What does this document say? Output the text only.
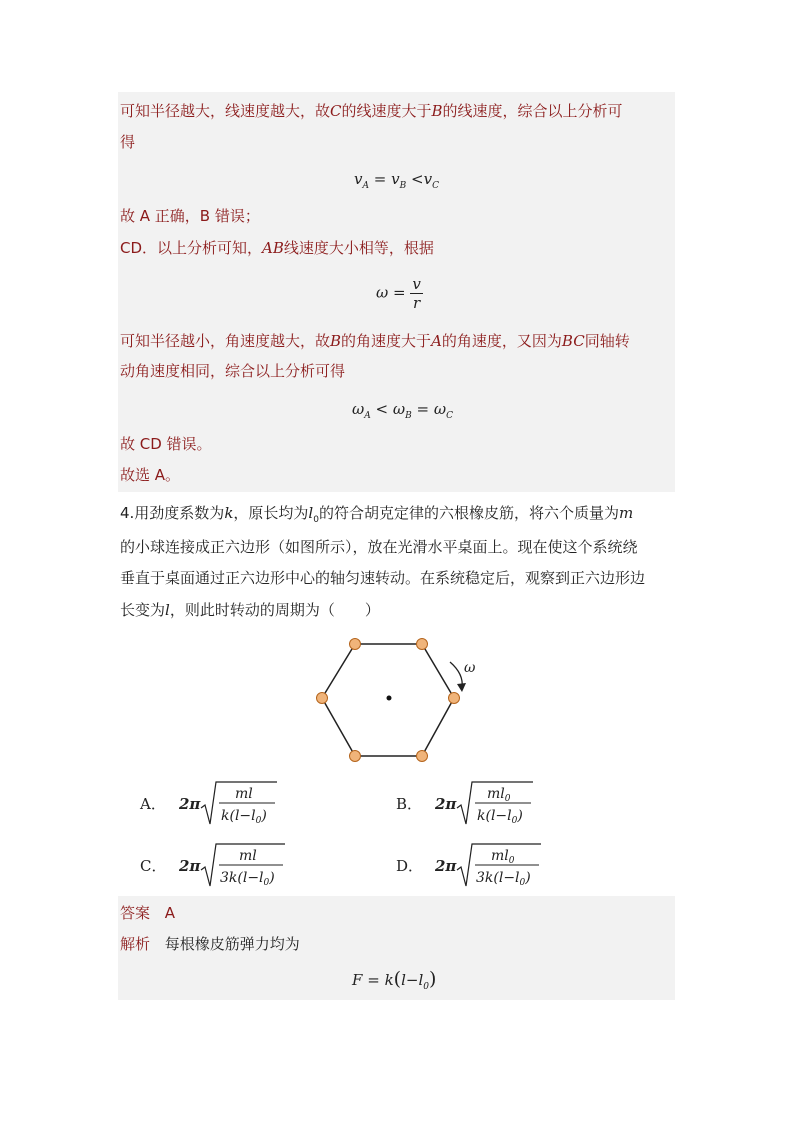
可知半径越大，线速度越大，故C的线速度大于B的线速度，综合以上分析可
得
$v_A = v_B <v_C$
故 A 正确，B 错误；
CD．以上分析可知，AB线速度大小相等，根据
$\omega = \frac{v}{r}$
可知半径越小，角速度越大，故B的角速度大于A的角速度，又因为BC同轴转
动角速度相同，综合以上分析可得
$\omega_A < \omega_B = \omega_C$
故 CD 错误。
故选 A。
4.用劲度系数为k，原长均为$l_0$的符合胡克定律的六根橡皮筋，将六个质量为m
的小球连接成正六边形（如图所示），放在光滑水平桌面上。现在使这个系统绕
垂直于桌面通过正六边形中心的轴匀速转动。在系统稳定后，观察到正六边形边
长变为l，则此时转动的周期为（　　）
ω
A． 2π
ml
$k(l-l_0)$
B． 2π
$ml_0$
$k(l-l_0)$
C． 2π
ml
$3k(l-l_0)$
D． 2π
$ml_0$
$3k(l-l_0)$
答案 A
解析 每根橡皮筋弹力均为
$F = k(l-l_0)$
